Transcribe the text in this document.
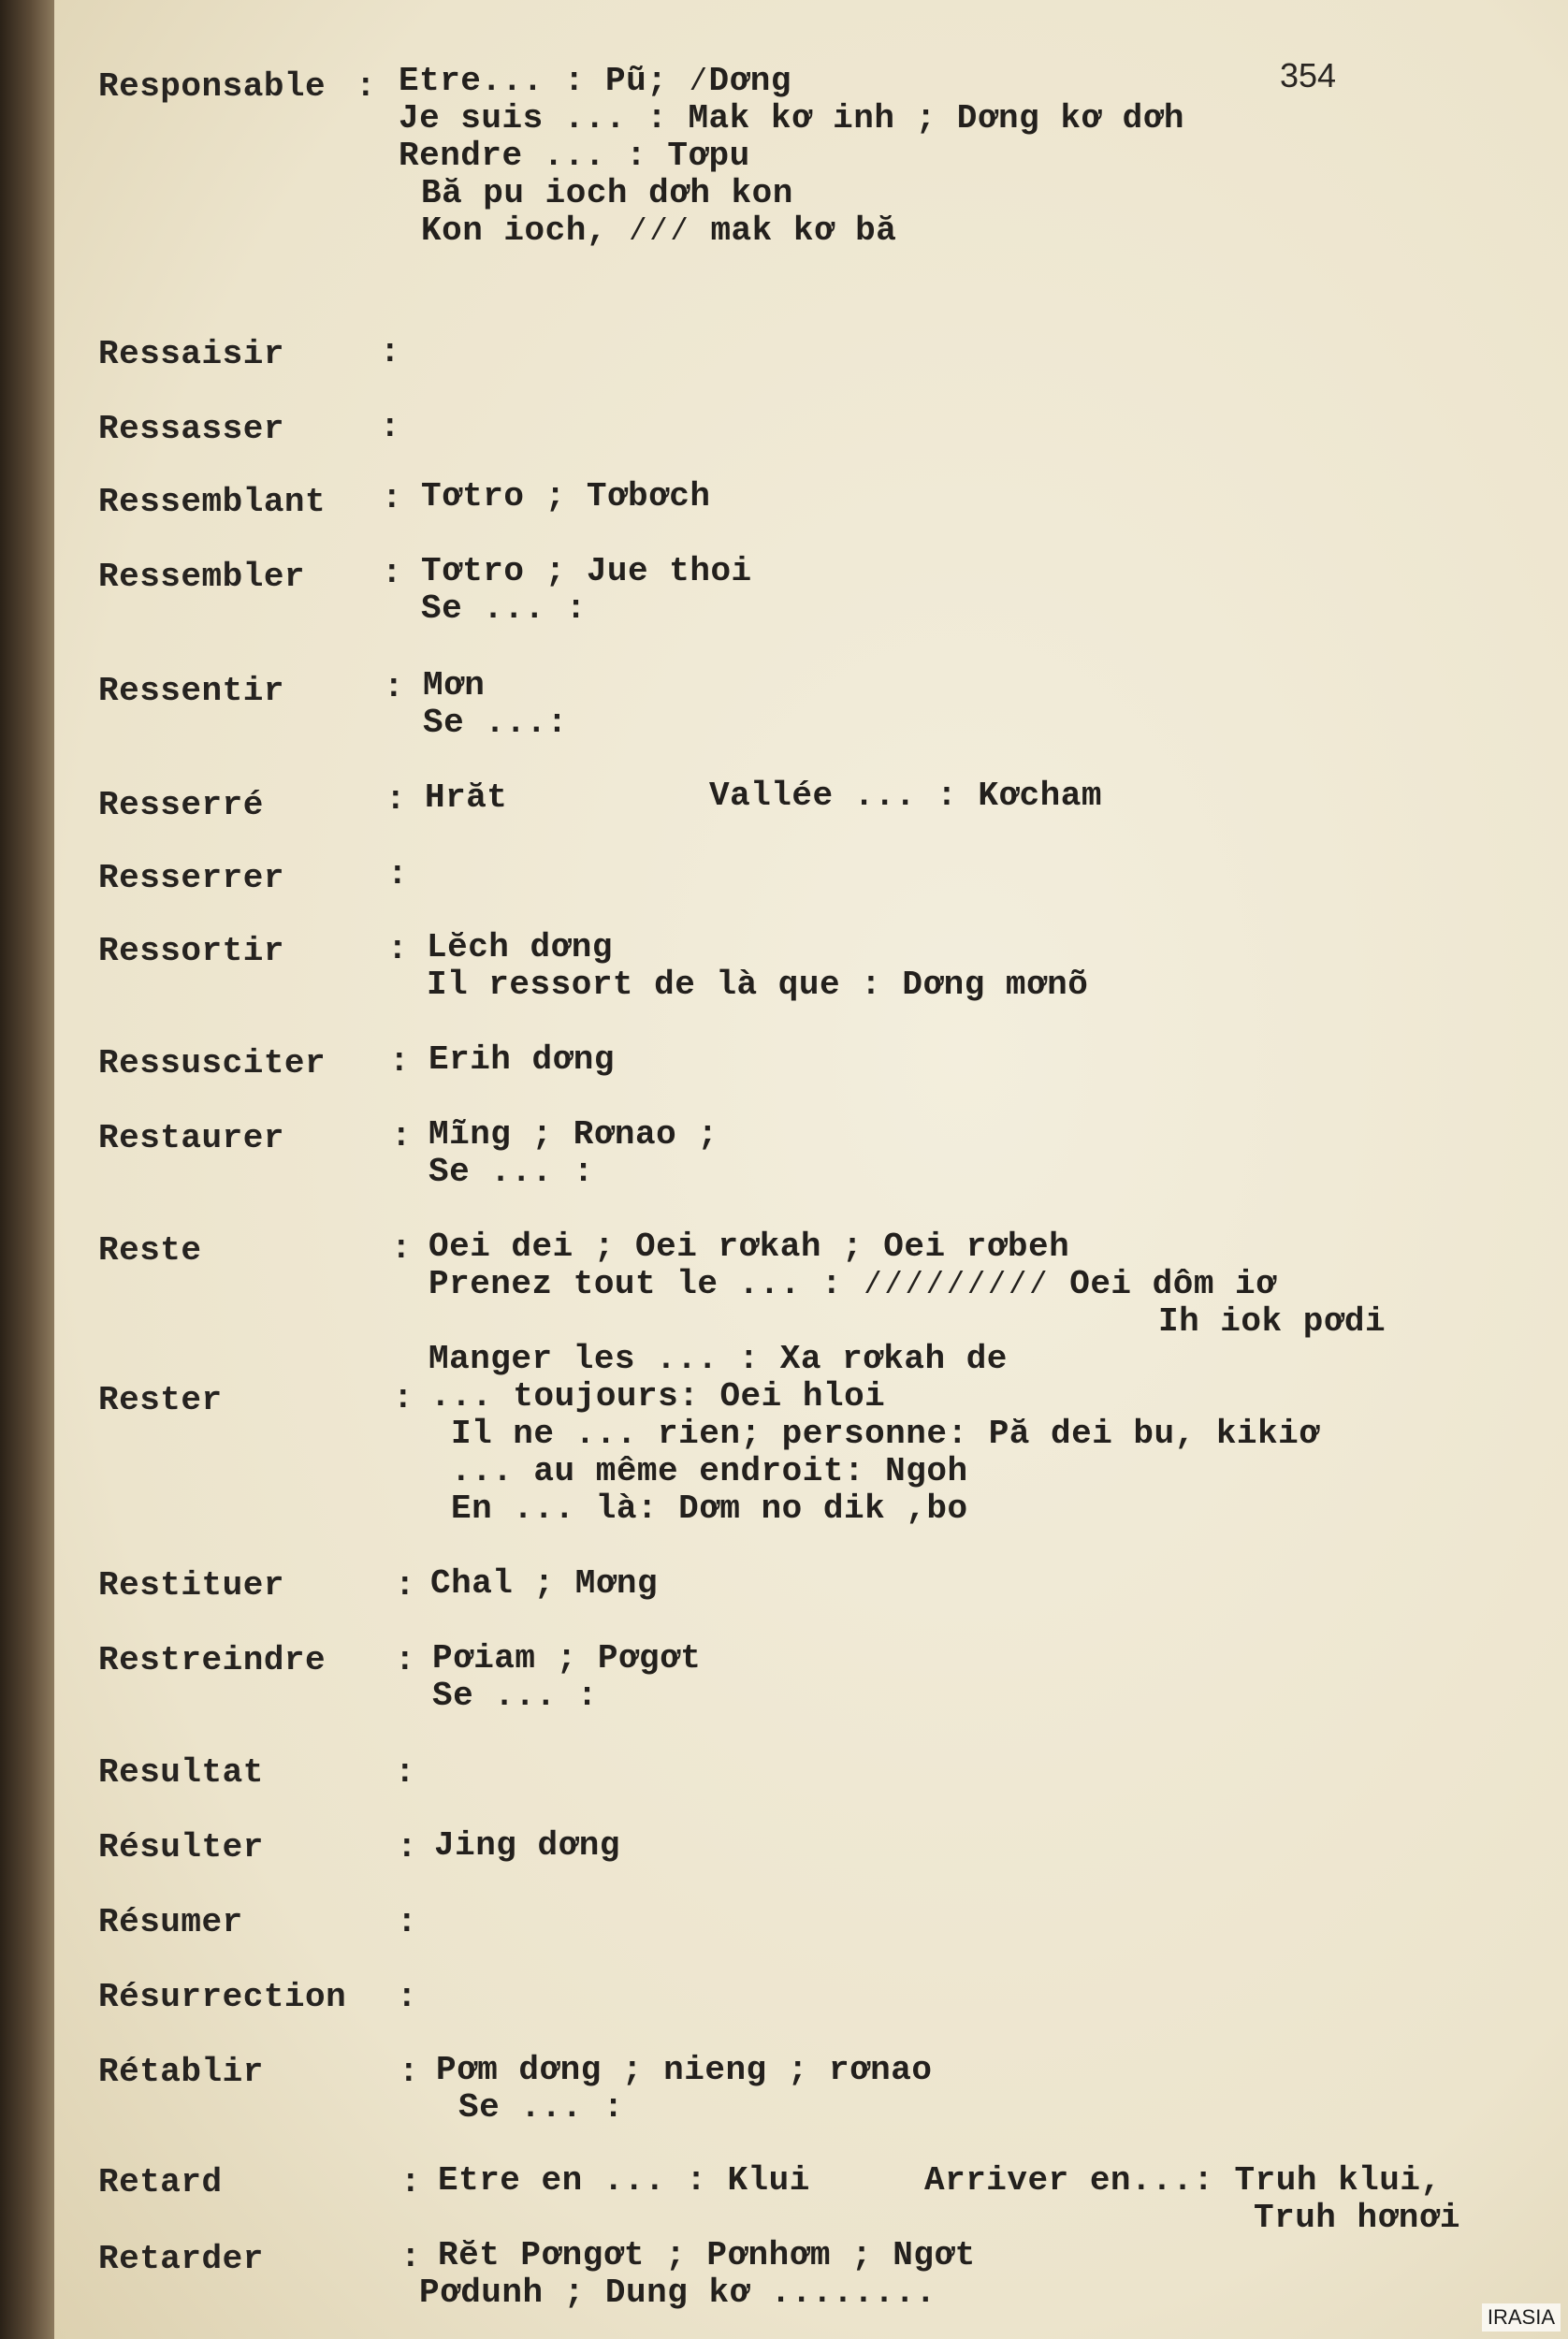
354
Responsable : Etre... : Pũ; ⁄Dơng
Je suis ... : Mak kơ inh ; Dơng kơ dơh
Rendre ... : Tơpu
Bă pu ioch dơh kon
Kon ioch, ⁄⁄⁄ mak kơ bă
Ressaisir	:
Ressasser	:
Ressemblant : Tơtro ; Tơbơch
Ressembler : Tơtro ; Jue thoi
Se ... :
Ressentir	: Mơn
Se ...:
Resserré	: Hrăt	Vallée ... : Kơcham
Resserrer	:
Ressortir	: Lĕch dơng
Il ressort de là que : Dơng mơnõ
Ressusciter : Erih dơng
Restaurer	: Mĩng ; Rơnao ;
Se ... :
Reste	: Oei dei ; Oei rơkah ; Oei rơbeh
Prenez tout le ... : ⁄⁄⁄⁄⁄⁄⁄⁄⁄ Oei dôm iơ
Ih iok pơdi
Manger les ... : Xa rơkah de
Rester	: ... toujours: Oei hloi
Il ne ... rien; personne: Pă dei bu, kikiơ
... au même endroit: Ngoh
En ... là: Dơm no dik ,bo
Restituer	: Chal ; Mơng
Restreindre : Pơiam ; Pơgơt
Se ... :
Resultat	:
Résulter	: Jing dơng
Résumer	:
Résurrection :
Rétablir	: Pơm dơng ; nieng ; rơnao
Se ... :
Retard	: Etre en ... : Klui	Arriver en...: Truh klui,
Truh hơnơi
Retarder	: Rĕt Pơngơt ; Pơnhơm ; Ngơt
Pơdunh ; Dung kơ ........
IRASIA
